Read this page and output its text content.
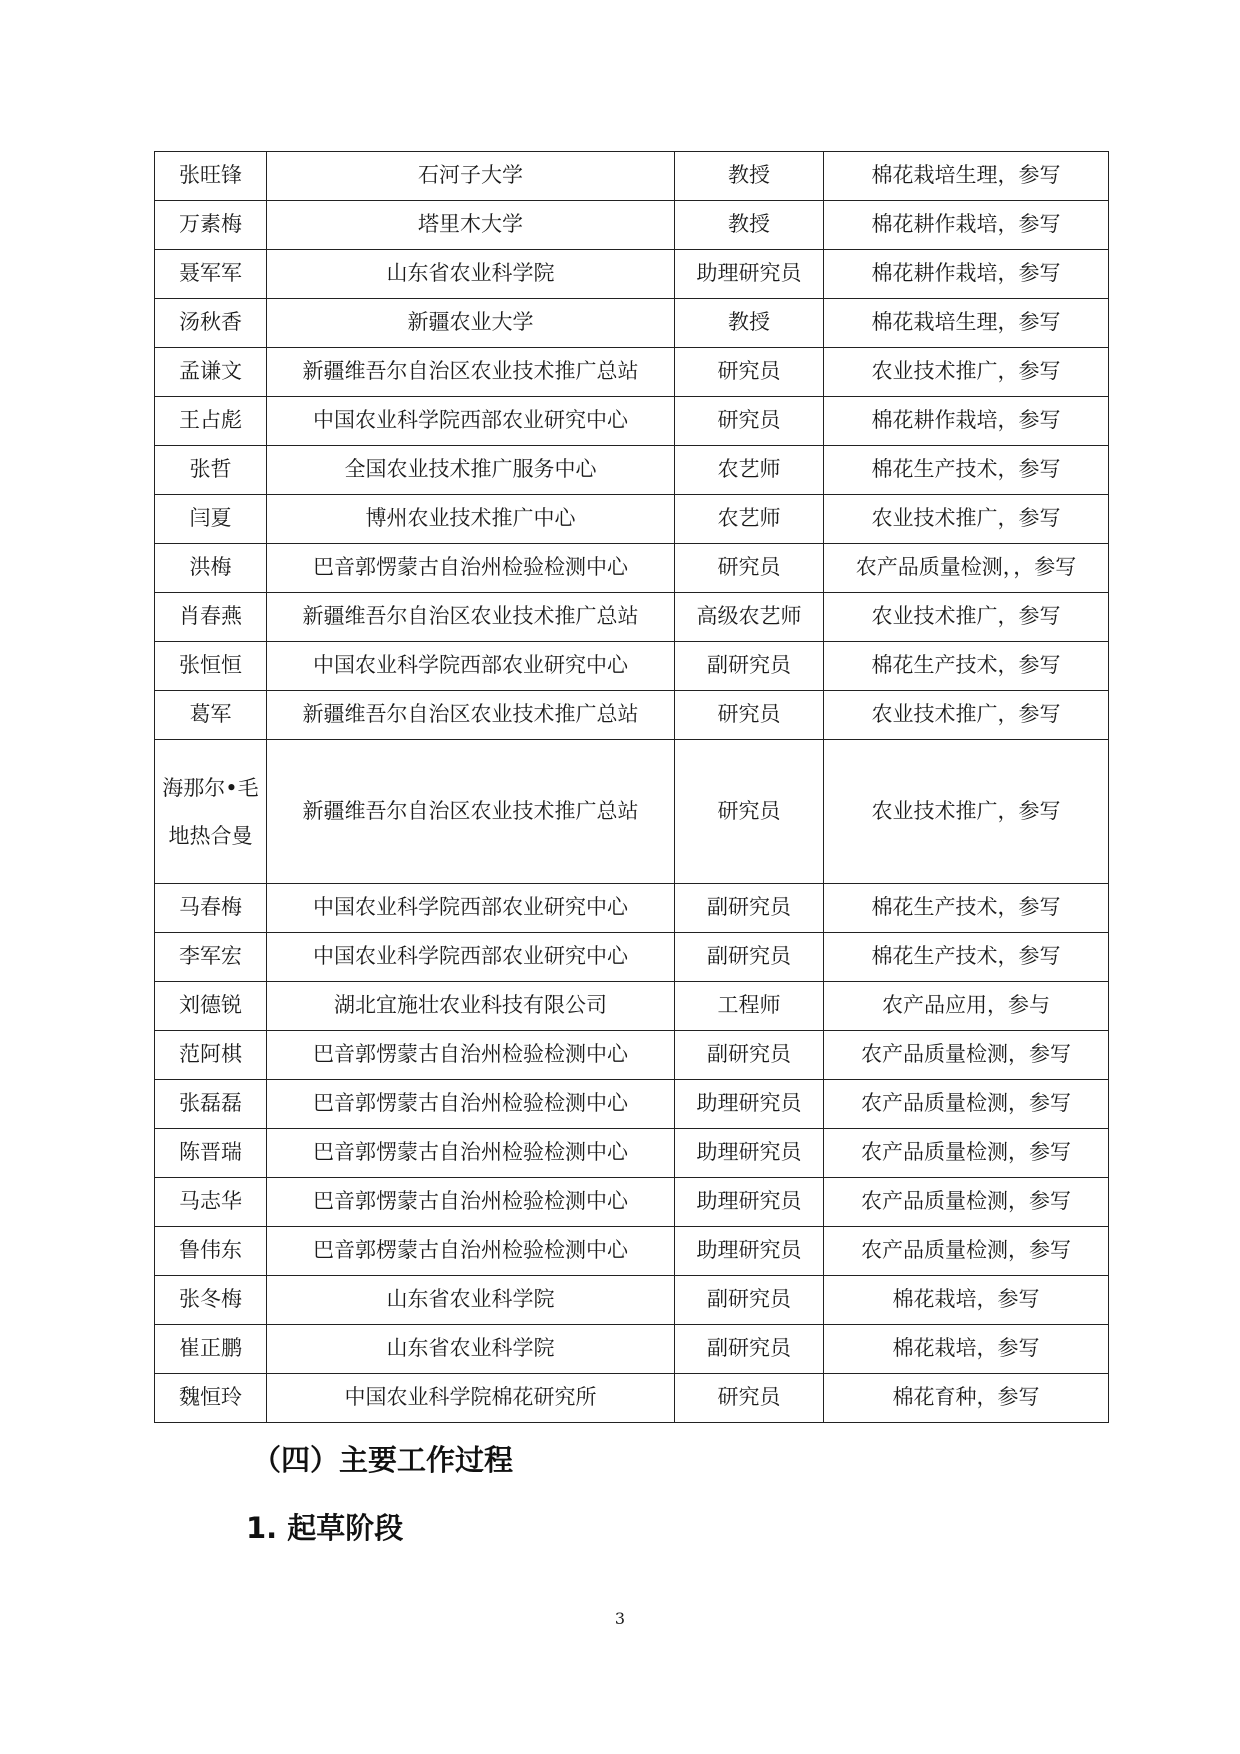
张旺锋	石河子大学	教授	棉花栽培生理，参写
万素梅	塔里木大学	教授	棉花耕作栽培，参写
聂军军	山东省农业科学院	助理研究员	棉花耕作栽培，参写
汤秋香	新疆农业大学	教授	棉花栽培生理，参写
孟谦文	新疆维吾尔自治区农业技术推广总站	研究员	农业技术推广，参写
王占彪	中国农业科学院西部农业研究中心	研究员	棉花耕作栽培，参写
张哲	全国农业技术推广服务中心	农艺师	棉花生产技术，参写
闫夏	博州农业技术推广中心	农艺师	农业技术推广，参写
洪梅	巴音郭愣蒙古自治州检验检测中心	研究员	农产品质量检测，，参写
肖春燕	新疆维吾尔自治区农业技术推广总站	高级农艺师	农业技术推广，参写
张恒恒	中国农业科学院西部农业研究中心	副研究员	棉花生产技术，参写
葛军	新疆维吾尔自治区农业技术推广总站	研究员	农业技术推广，参写
海那尔•毛地热合曼	新疆维吾尔自治区农业技术推广总站	研究员	农业技术推广，参写
马春梅	中国农业科学院西部农业研究中心	副研究员	棉花生产技术，参写
李军宏	中国农业科学院西部农业研究中心	副研究员	棉花生产技术，参写
刘德锐	湖北宜施壮农业科技有限公司	工程师	农产品应用，参与
范阿棋	巴音郭愣蒙古自治州检验检测中心	副研究员	农产品质量检测，参写
张磊磊	巴音郭愣蒙古自治州检验检测中心	助理研究员	农产品质量检测，参写
陈晋瑞	巴音郭愣蒙古自治州检验检测中心	助理研究员	农产品质量检测，参写
马志华	巴音郭愣蒙古自治州检验检测中心	助理研究员	农产品质量检测，参写
鲁伟东	巴音郭楞蒙古自治州检验检测中心	助理研究员	农产品质量检测，参写
张冬梅	山东省农业科学院	副研究员	棉花栽培，参写
崔正鹏	山东省农业科学院	副研究员	棉花栽培，参写
魏恒玲	中国农业科学院棉花研究所	研究员	棉花育种，参写
（四）主要工作过程
1. 起草阶段
3
